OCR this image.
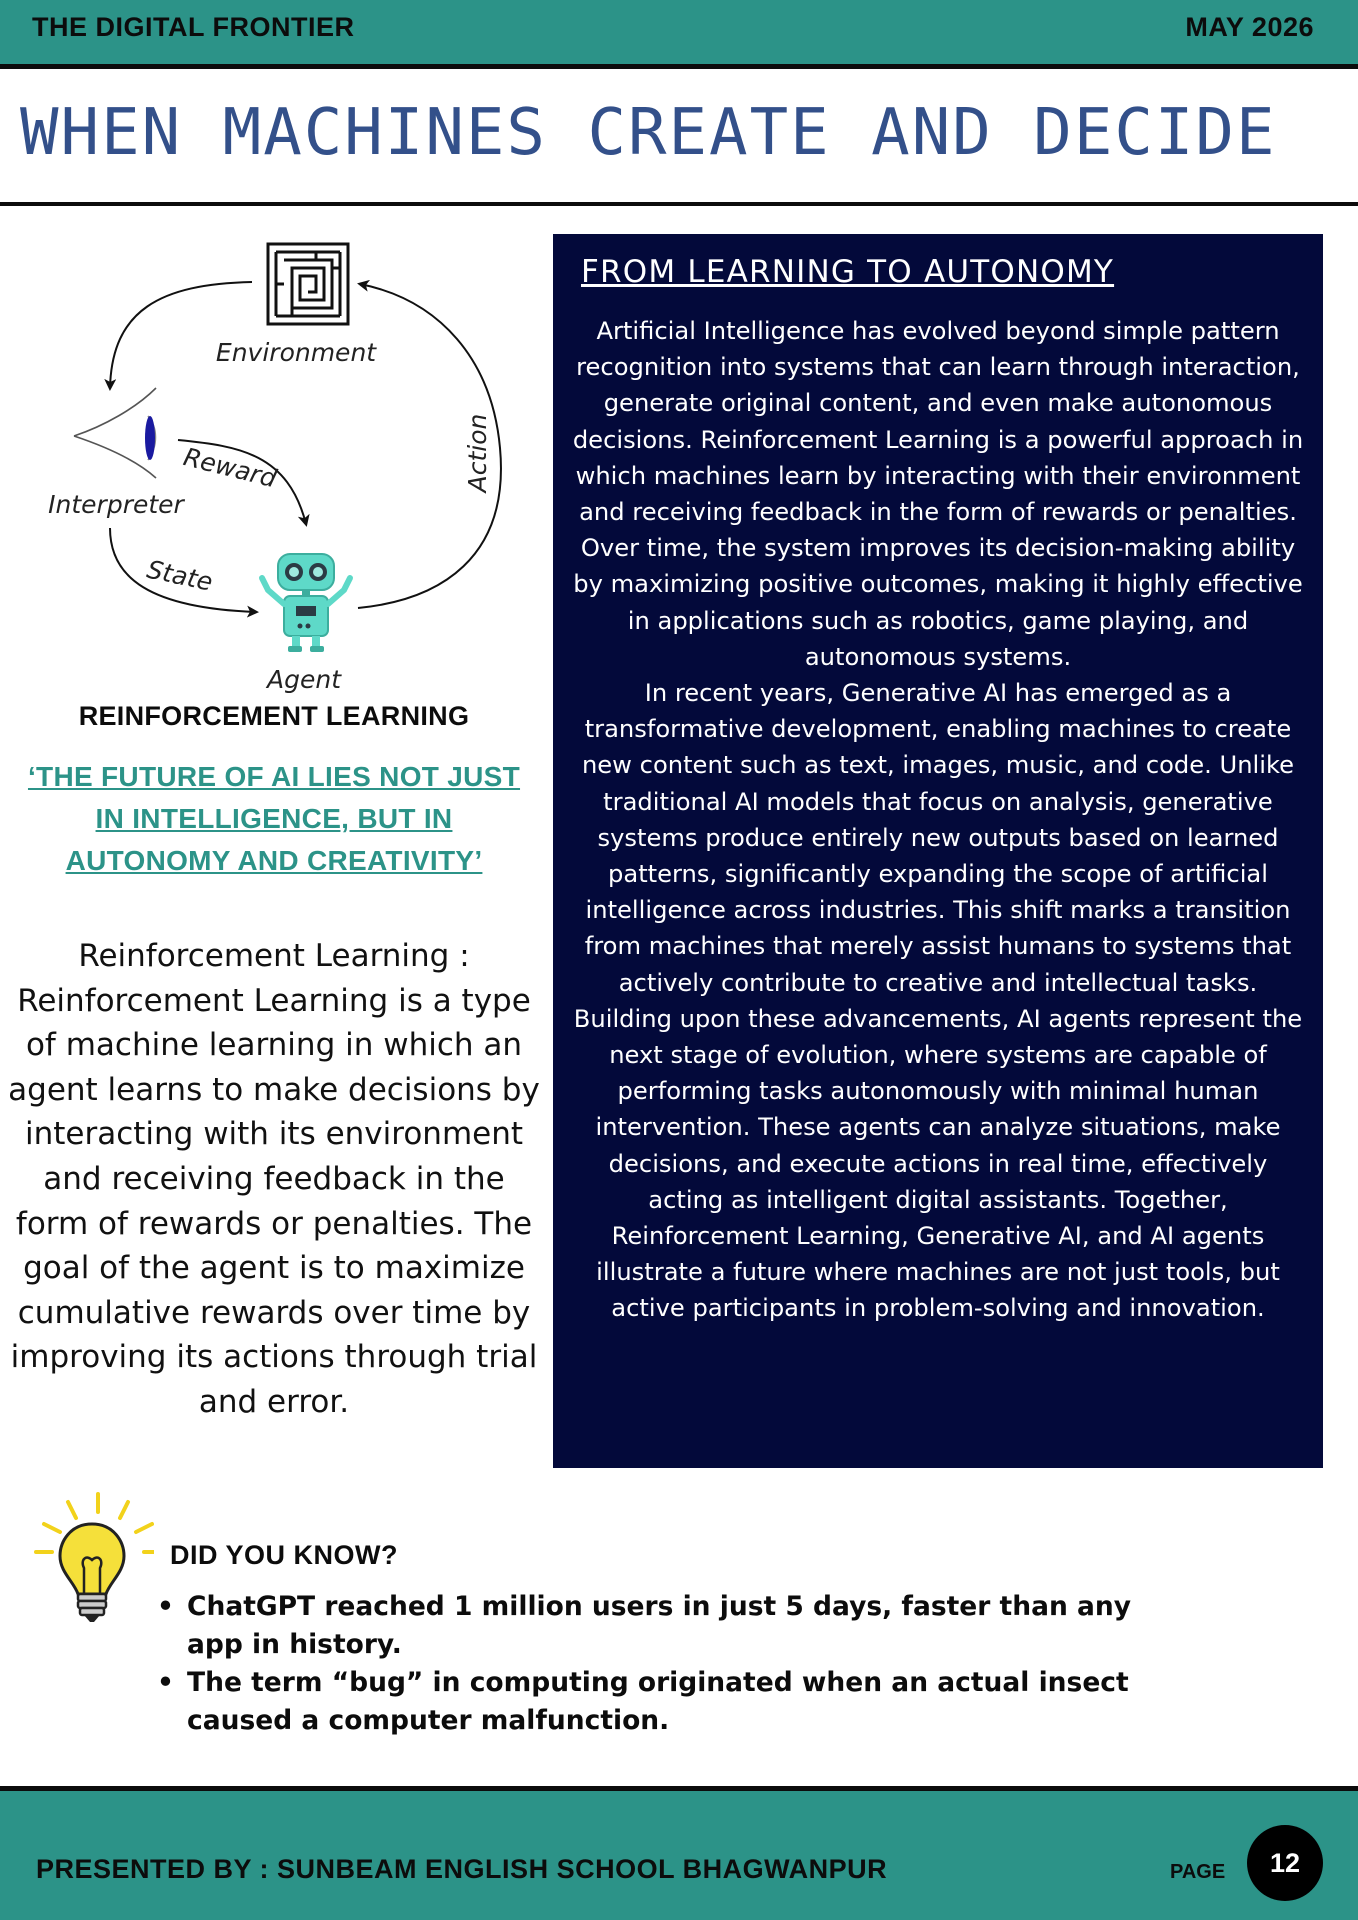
THE DIGITAL FRONTIER	MAY 2026
WHEN MACHINES CREATE AND DECIDE
Environment
Action
Interpreter
Reward
State
Agent
REINFORCEMENT LEARNING
‘THE FUTURE OF AI LIES NOT JUST IN INTELLIGENCE, BUT IN AUTONOMY AND CREATIVITY’
Reinforcement Learning : Reinforcement Learning is a type of machine learning in which an agent learns to make decisions by interacting with its environment and receiving feedback in the form of rewards or penalties. The goal of the agent is to maximize cumulative rewards over time by improving its actions through trial and error.
FROM LEARNING TO AUTONOMY

Artificial Intelligence has evolved beyond simple pattern recognition into systems that can learn through interaction, generate original content, and even make autonomous decisions. Reinforcement Learning is a powerful approach in which machines learn by interacting with their environment and receiving feedback in the form of rewards or penalties. Over time, the system improves its decision-making ability by maximizing positive outcomes, making it highly effective in applications such as robotics, game playing, and autonomous systems.

In recent years, Generative AI has emerged as a transformative development, enabling machines to create new content such as text, images, music, and code. Unlike traditional AI models that focus on analysis, generative systems produce entirely new outputs based on learned patterns, significantly expanding the scope of artificial intelligence across industries. This shift marks a transition from machines that merely assist humans to systems that actively contribute to creative and intellectual tasks.

Building upon these advancements, AI agents represent the next stage of evolution, where systems are capable of performing tasks autonomously with minimal human intervention. These agents can analyze situations, make decisions, and execute actions in real time, effectively acting as intelligent digital assistants. Together, Reinforcement Learning, Generative AI, and AI agents illustrate a future where machines are not just tools, but active participants in problem-solving and innovation.

DID YOU KNOW?
• ChatGPT reached 1 million users in just 5 days, faster than any app in history.
• The term “bug” in computing originated when an actual insect caused a computer malfunction.
PRESENTED BY : SUNBEAM ENGLISH SCHOOL BHAGWANPUR	PAGE	12
